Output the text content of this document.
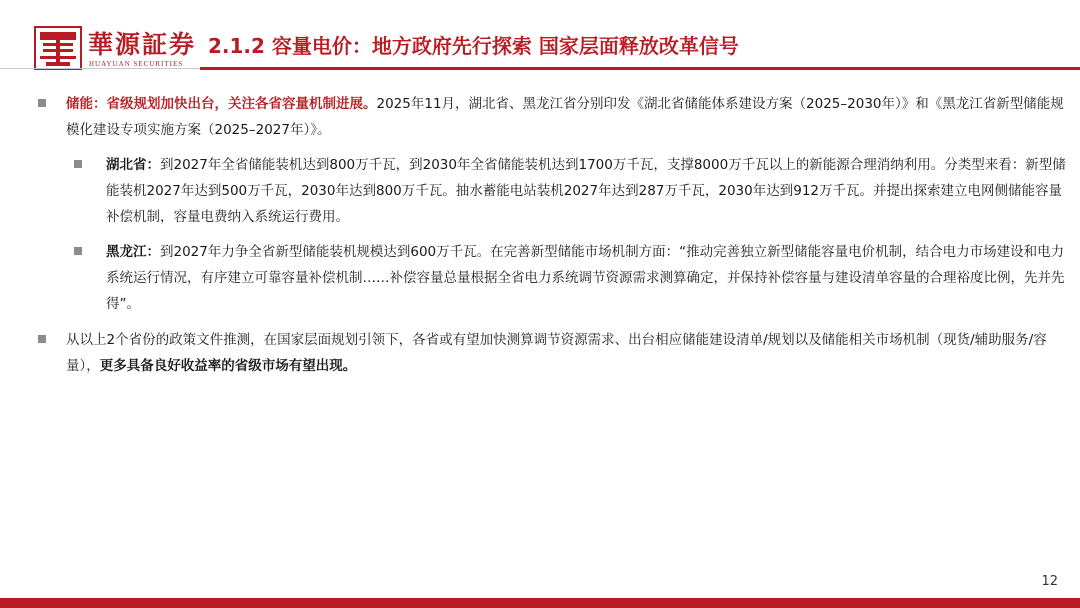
華源証券
HUAYUAN SECURITIES
2.1.2 容量电价：地方政府先行探索 国家层面释放改革信号

储能：省级规划加快出台，关注各省容量机制进展。2025年11月，湖北省、黑龙江省分别印发《湖北省储能体系建设方案（2025–2030年）》和《黑龙江省新型储能规模化建设专项实施方案（2025–2027年）》。

湖北省：到2027年全省储能装机达到800万千瓦，到2030年全省储能装机达到1700万千瓦，支撑8000万千瓦以上的新能源合理消纳利用。分类型来看：新型储能装机2027年达到500万千瓦，2030年达到800万千瓦。抽水蓄能电站装机2027年达到287万千瓦，2030年达到912万千瓦。并提出探索建立电网侧储能容量补偿机制，容量电费纳入系统运行费用。

黑龙江：到2027年力争全省新型储能装机规模达到600万千瓦。在完善新型储能市场机制方面：“推动完善独立新型储能容量电价机制，结合电力市场建设和电力系统运行情况，有序建立可靠容量补偿机制……补偿容量总量根据全省电力系统调节资源需求测算确定，并保持补偿容量与建设清单容量的合理裕度比例，先并先得”。

从以上2个省份的政策文件推测，在国家层面规划引领下，各省或有望加快测算调节资源需求、出台相应储能建设清单/规划以及储能相关市场机制（现货/辅助服务/容量），更多具备良好收益率的省级市场有望出现。

12
